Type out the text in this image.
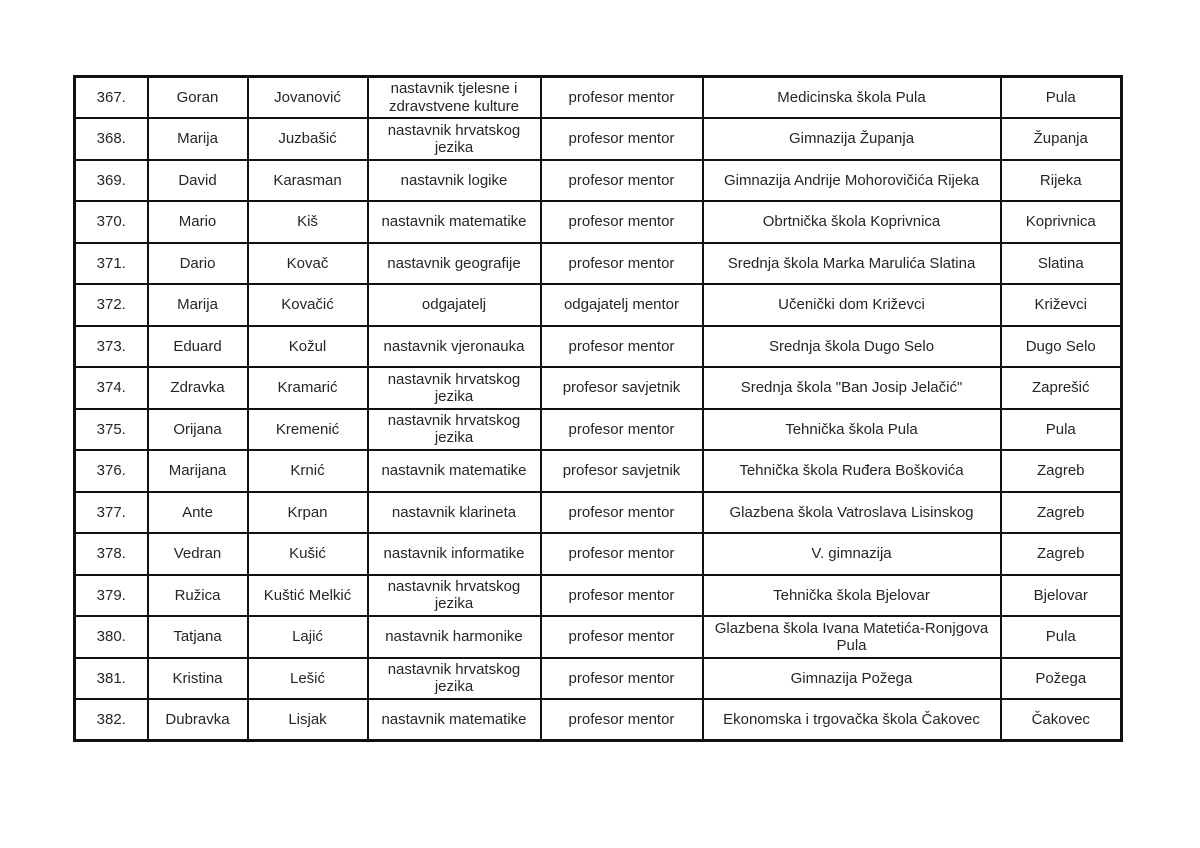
367.	Goran	Jovanović	nastavnik tjelesne i zdravstvene kulture	profesor mentor	Medicinska škola Pula	Pula
368.	Marija	Juzbašić	nastavnik hrvatskog jezika	profesor mentor	Gimnazija Županja	Županja
369.	David	Karasman	nastavnik logike	profesor mentor	Gimnazija Andrije Mohorovičića Rijeka	Rijeka
370.	Mario	Kiš	nastavnik matematike	profesor mentor	Obrtnička škola Koprivnica	Koprivnica
371.	Dario	Kovač	nastavnik geografije	profesor mentor	Srednja škola Marka Marulića Slatina	Slatina
372.	Marija	Kovačić	odgajatelj	odgajatelj mentor	Učenički dom Križevci	Križevci
373.	Eduard	Kožul	nastavnik vjeronauka	profesor mentor	Srednja škola Dugo Selo	Dugo Selo
374.	Zdravka	Kramarić	nastavnik hrvatskog jezika	profesor savjetnik	Srednja škola "Ban Josip Jelačić"	Zaprešić
375.	Orijana	Kremenić	nastavnik hrvatskog jezika	profesor mentor	Tehnička škola Pula	Pula
376.	Marijana	Krnić	nastavnik matematike	profesor savjetnik	Tehnička škola Ruđera Boškovića	Zagreb
377.	Ante	Krpan	nastavnik klarineta	profesor mentor	Glazbena škola Vatroslava Lisinskog	Zagreb
378.	Vedran	Kušić	nastavnik informatike	profesor mentor	V. gimnazija	Zagreb
379.	Ružica	Kuštić Melkić	nastavnik hrvatskog jezika	profesor mentor	Tehnička škola Bjelovar	Bjelovar
380.	Tatjana	Lajić	nastavnik harmonike	profesor mentor	Glazbena škola Ivana Matetića-Ronjgova Pula	Pula
381.	Kristina	Lešić	nastavnik hrvatskog jezika	profesor mentor	Gimnazija Požega	Požega
382.	Dubravka	Lisjak	nastavnik matematike	profesor mentor	Ekonomska i trgovačka škola Čakovec	Čakovec
